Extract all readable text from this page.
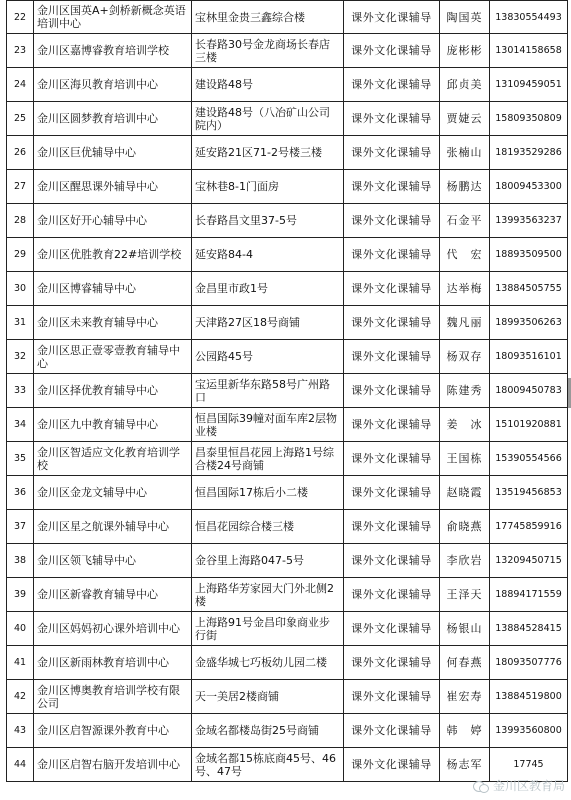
22	金川区国英A+剑桥新概念英语培训中心	宝林里金贵三鑫综合楼	课外文化课辅导	陶国英	13830554493
23	金川区嘉博睿教育培训学校	长春路30号金龙商场长春店三楼	课外文化课辅导	庞彬彬	13014158658
24	金川区海贝教育培训中心	建设路48号	课外文化课辅导	邱贞美	13109459051
25	金川区圆梦教育培训中心	建设路48号（八冶矿山公司院内）	课外文化课辅导	贾婕云	15809350809
26	金川区巨优辅导中心	延安路21区71-2号楼三楼	课外文化课辅导	张楠山	18193529286
27	金川区醒思课外辅导中心	宝林巷8-1门面房	课外文化课辅导	杨鹏达	18009453300
28	金川区好开心辅导中心	长春路昌文里37-5号	课外文化课辅导	石金平	13993563237
29	金川区优胜教育22#培训学校	延安路84-4	课外文化课辅导	代　宏	18893509500
30	金川区博睿辅导中心	金昌里市政1号	课外文化课辅导	达举梅	13884505755
31	金川区未来教育辅导中心	天津路27区18号商铺	课外文化课辅导	魏凡丽	18993506263
32	金川区思正壹零壹教育辅导中心	公园路45号	课外文化课辅导	杨双存	18093516101
33	金川区择优教育辅导中心	宝运里新华东路58号广州路口	课外文化课辅导	陈建秀	18009450783
34	金川区九中教育辅导中心	恒昌国际39幢对面车库2层物业楼	课外文化课辅导	姜　冰	15101920881
35	金川区智适应文化教育培训学校	昌泰里恒昌花园上海路1号综合楼24号商铺	课外文化课辅导	王国栋	15390554566
36	金川区金龙文辅导中心	恒昌国际17栋后小二楼	课外文化课辅导	赵晓霞	13519456853
37	金川区星之航课外辅导中心	恒昌花园综合楼三楼	课外文化课辅导	俞晓燕	17745859916
38	金川区领飞辅导中心	金谷里上海路047-5号	课外文化课辅导	李欣岩	13209450715
39	金川区新睿教育辅导中心	上海路华芳家园大门外北侧2楼	课外文化课辅导	王泽天	18894171559
40	金川区妈妈初心课外培训中心	上海路91号金昌印象商业步行街	课外文化课辅导	杨银山	13884528415
41	金川区新雨林教育培训中心	金盛华城七巧板幼儿园二楼	课外文化课辅导	何春燕	18093507776
42	金川区博奥教育培训学校有限公司	天一美居2楼商铺	课外文化课辅导	崔宏寿	13884519800
43	金川区启智源课外教育中心	金域名都楼岛街25号商铺	课外文化课辅导	韩　婷	13993560800
44	金川区启智右脑开发培训中心	金域名都15栋底商45号、46号、47号	课外文化课辅导	杨志军	17745
金川区教育局
